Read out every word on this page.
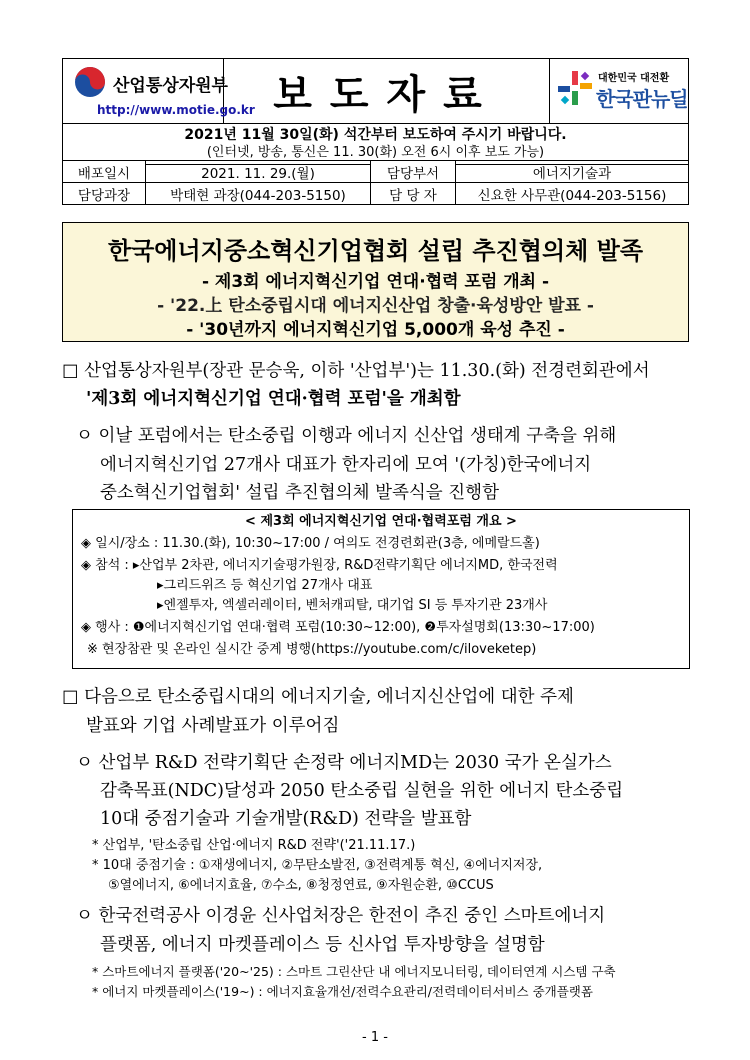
산업통상자원부
http://www.motie.go.kr	보도자료	대한민국 대전환
한국판뉴딜

2021년 11월 30일(화) 석간부터 보도하여 주시기 바랍니다.
(인터넷, 방송, 통신은 11. 30(화) 오전 6시 이후 보도 가능)
배포일시	2021. 11. 29.(월)	담당부서	에너지기술과
담당과장	박태현 과장(044-203-5150)	담 당 자	신요한 사무관(044-203-5156)
한국에너지중소혁신기업협회 설립 추진협의체 발족
- 제3회 에너지혁신기업 연대·협력 포럼 개최 -
- '22.上 탄소중립시대 에너지신산업 창출·육성방안 발표 -
- '30년까지 에너지혁신기업 5,000개 육성 추진 -
□ 산업통상자원부(장관 문승욱, 이하 '산업부')는 11.30.(화) 전경련회관에서
'제3회 에너지혁신기업 연대·협력 포럼'을 개최함
ㅇ 이날 포럼에서는 탄소중립 이행과 에너지 신산업 생태계 구축을 위해
에너지혁신기업 27개사 대표가 한자리에 모여 '(가칭)한국에너지
중소혁신기업협회' 설립 추진협의체 발족식을 진행함
< 제3회 에너지혁신기업 연대·협력포럼 개요 >
◈ 일시/장소 : 11.30.(화), 10:30~17:00 / 여의도 전경련회관(3층, 에메랄드홀)
◈ 참석 : ▸산업부 2차관, 에너지기술평가원장, R&D전략기획단 에너지MD, 한국전력
▸그리드위즈 등 혁신기업 27개사 대표
▸엔젤투자, 엑셀러레이터, 벤처캐피탈, 대기업 SI 등 투자기관 23개사
◈ 행사 : ❶에너지혁신기업 연대·협력 포럼(10:30~12:00), ❷투자설명회(13:30~17:00)
※ 현장참관 및 온라인 실시간 중계 병행(https://youtube.com/c/iloveketep)
□ 다음으로 탄소중립시대의 에너지기술, 에너지신산업에 대한 주제
발표와 기업 사례발표가 이루어짐
ㅇ 산업부 R&D 전략기획단 손정락 에너지MD는 2030 국가 온실가스
감축목표(NDC)달성과 2050 탄소중립 실현을 위한 에너지 탄소중립
10대 중점기술과 기술개발(R&D) 전략을 발표함
* 산업부, '탄소중립 산업·에너지 R&D 전략'('21.11.17.)
* 10대 중점기술 : ①재생에너지, ②무탄소발전, ③전력계통 혁신, ④에너지저장,
⑤열에너지, ⑥에너지효율, ⑦수소, ⑧청정연료, ⑨자원순환, ⑩CCUS
ㅇ 한국전력공사 이경윤 신사업처장은 한전이 추진 중인 스마트에너지
플랫폼, 에너지 마켓플레이스 등 신사업 투자방향을 설명함
* 스마트에너지 플랫폼('20~'25) : 스마트 그린산단 내 에너지모니터링, 데이터연계 시스템 구축
* 에너지 마켓플레이스('19~) : 에너지효율개선/전력수요관리/전력데이터서비스 중개플랫폼
- 1 -
